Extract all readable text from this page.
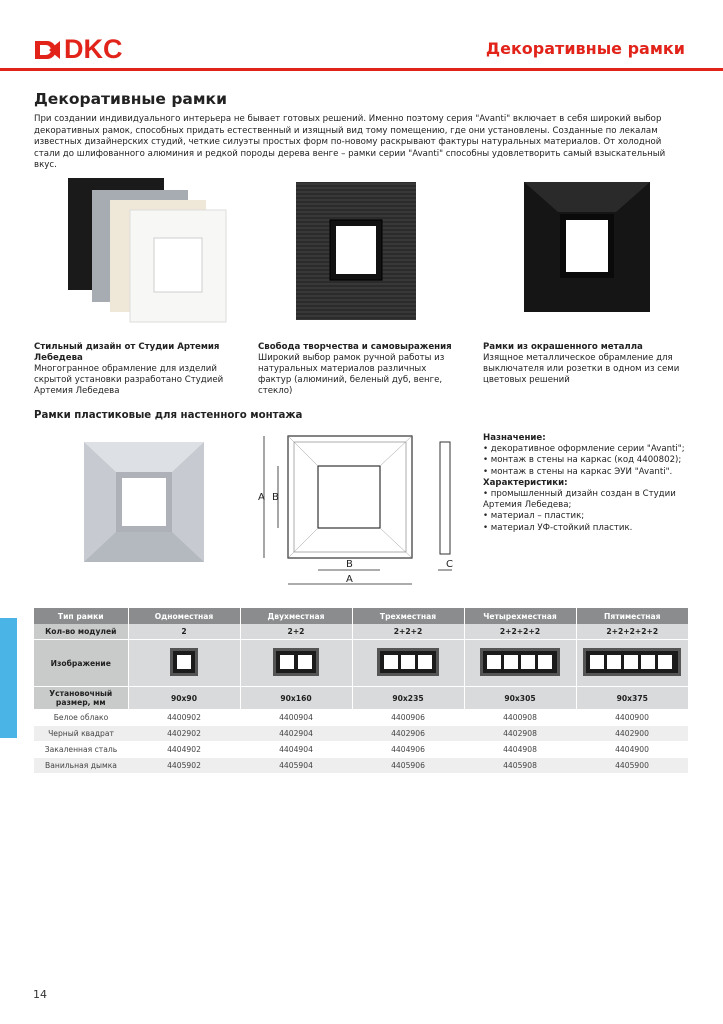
DKC	Декоративные рамки
Декоративные рамки
При создании индивидуального интерьера не бывает готовых решений. Именно поэтому серия "Avanti" включает в себя широкий выбор декоративных рамок, способных придать естественный и изящный вид тому помещению, где они установлены. Созданные по лекалам известных дизайнерских студий, четкие силуэты простых форм по-новому раскрывают фактуры натуральных материалов. От холодной стали до шлифованного алюминия и редкой породы дерева венге – рамки серии "Avanti" способны удовлетворить самый взыскательный вкус.
Стильный дизайн от Студии Артемия Лебедева
Многогранное обрамление для изделий скрытой установки разработано Студией Артемия Лебедева
Свобода творчества и самовыражения
Широкий выбор рамок ручной работы из натуральных материалов различных фактур (алюминий, беленый дуб, венге, стекло)
Рамки из окрашенного металла
Изящное металлическое обрамление для выключателя или розетки в одном из семи цветовых решений
Рамки пластиковые для настенного монтажа
A B
B
A
C
Назначение:
• декоративное оформление серии "Avanti";
• монтаж в стены на каркас (код 4400802);
• монтаж в стены на каркас ЭУИ "Avanti".
Характеристики:
• промышленный дизайн создан в Студии Артемия Лебедева;
• материал – пластик;
• материал УФ-стойкий пластик.
Тип рамки	Одноместная	Двухместная	Трехместная	Четырехместная	Пятиместная
Кол-во модулей	2	2+2	2+2+2	2+2+2+2	2+2+2+2+2
Изображение					
Установочный размер, мм	90х90	90х160	90х235	90х305	90х375
Белое облако	4400902	4400904	4400906	4400908	4400900
Черный квадрат	4402902	4402904	4402906	4402908	4402900
Закаленная сталь	4404902	4404904	4404906	4404908	4404900
Ванильная дымка	4405902	4405904	4405906	4405908	4405900
14
